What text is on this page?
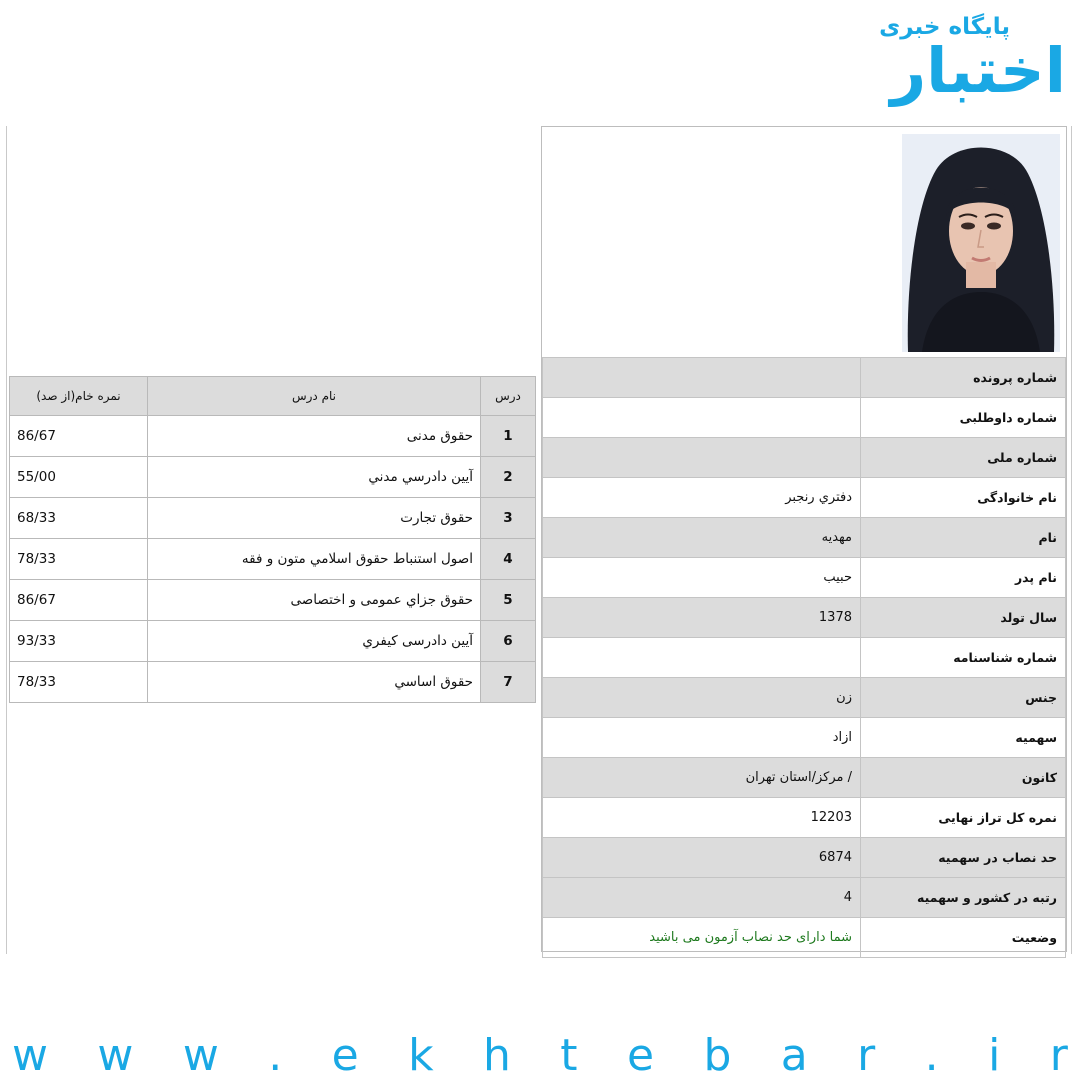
پایگاه خبری
اختبار
شماره پرونده	
شماره داوطلبی	
شماره ملی	
نام خانوادگی	دفتري رنجبر
نام	مهديه
نام پدر	حبيب
سال تولد	1378
شماره شناسنامه	
جنس	زن
سهمیه	ازاد
کانون	/ مرکز/استان تهران
نمره کل تراز نهایی	12203
حد نصاب در سهمیه	6874
رتبه در کشور و سهمیه	4
وضعیت	شما دارای حد نصاب آزمون می باشید
درس	نام درس	نمره خام(از صد)
1	حقوق مدنی	86/67
2	آيين دادرسي مدني	55/00
3	حقوق تجارت	68/33
4	اصول استنباط حقوق اسلامي متون و فقه	78/33
5	حقوق جزاي عمومی و اختصاصی	86/67
6	آيين دادرسی کيفري	93/33
7	حقوق اساسي	78/33
w w w . e k h t e b a r . i r
